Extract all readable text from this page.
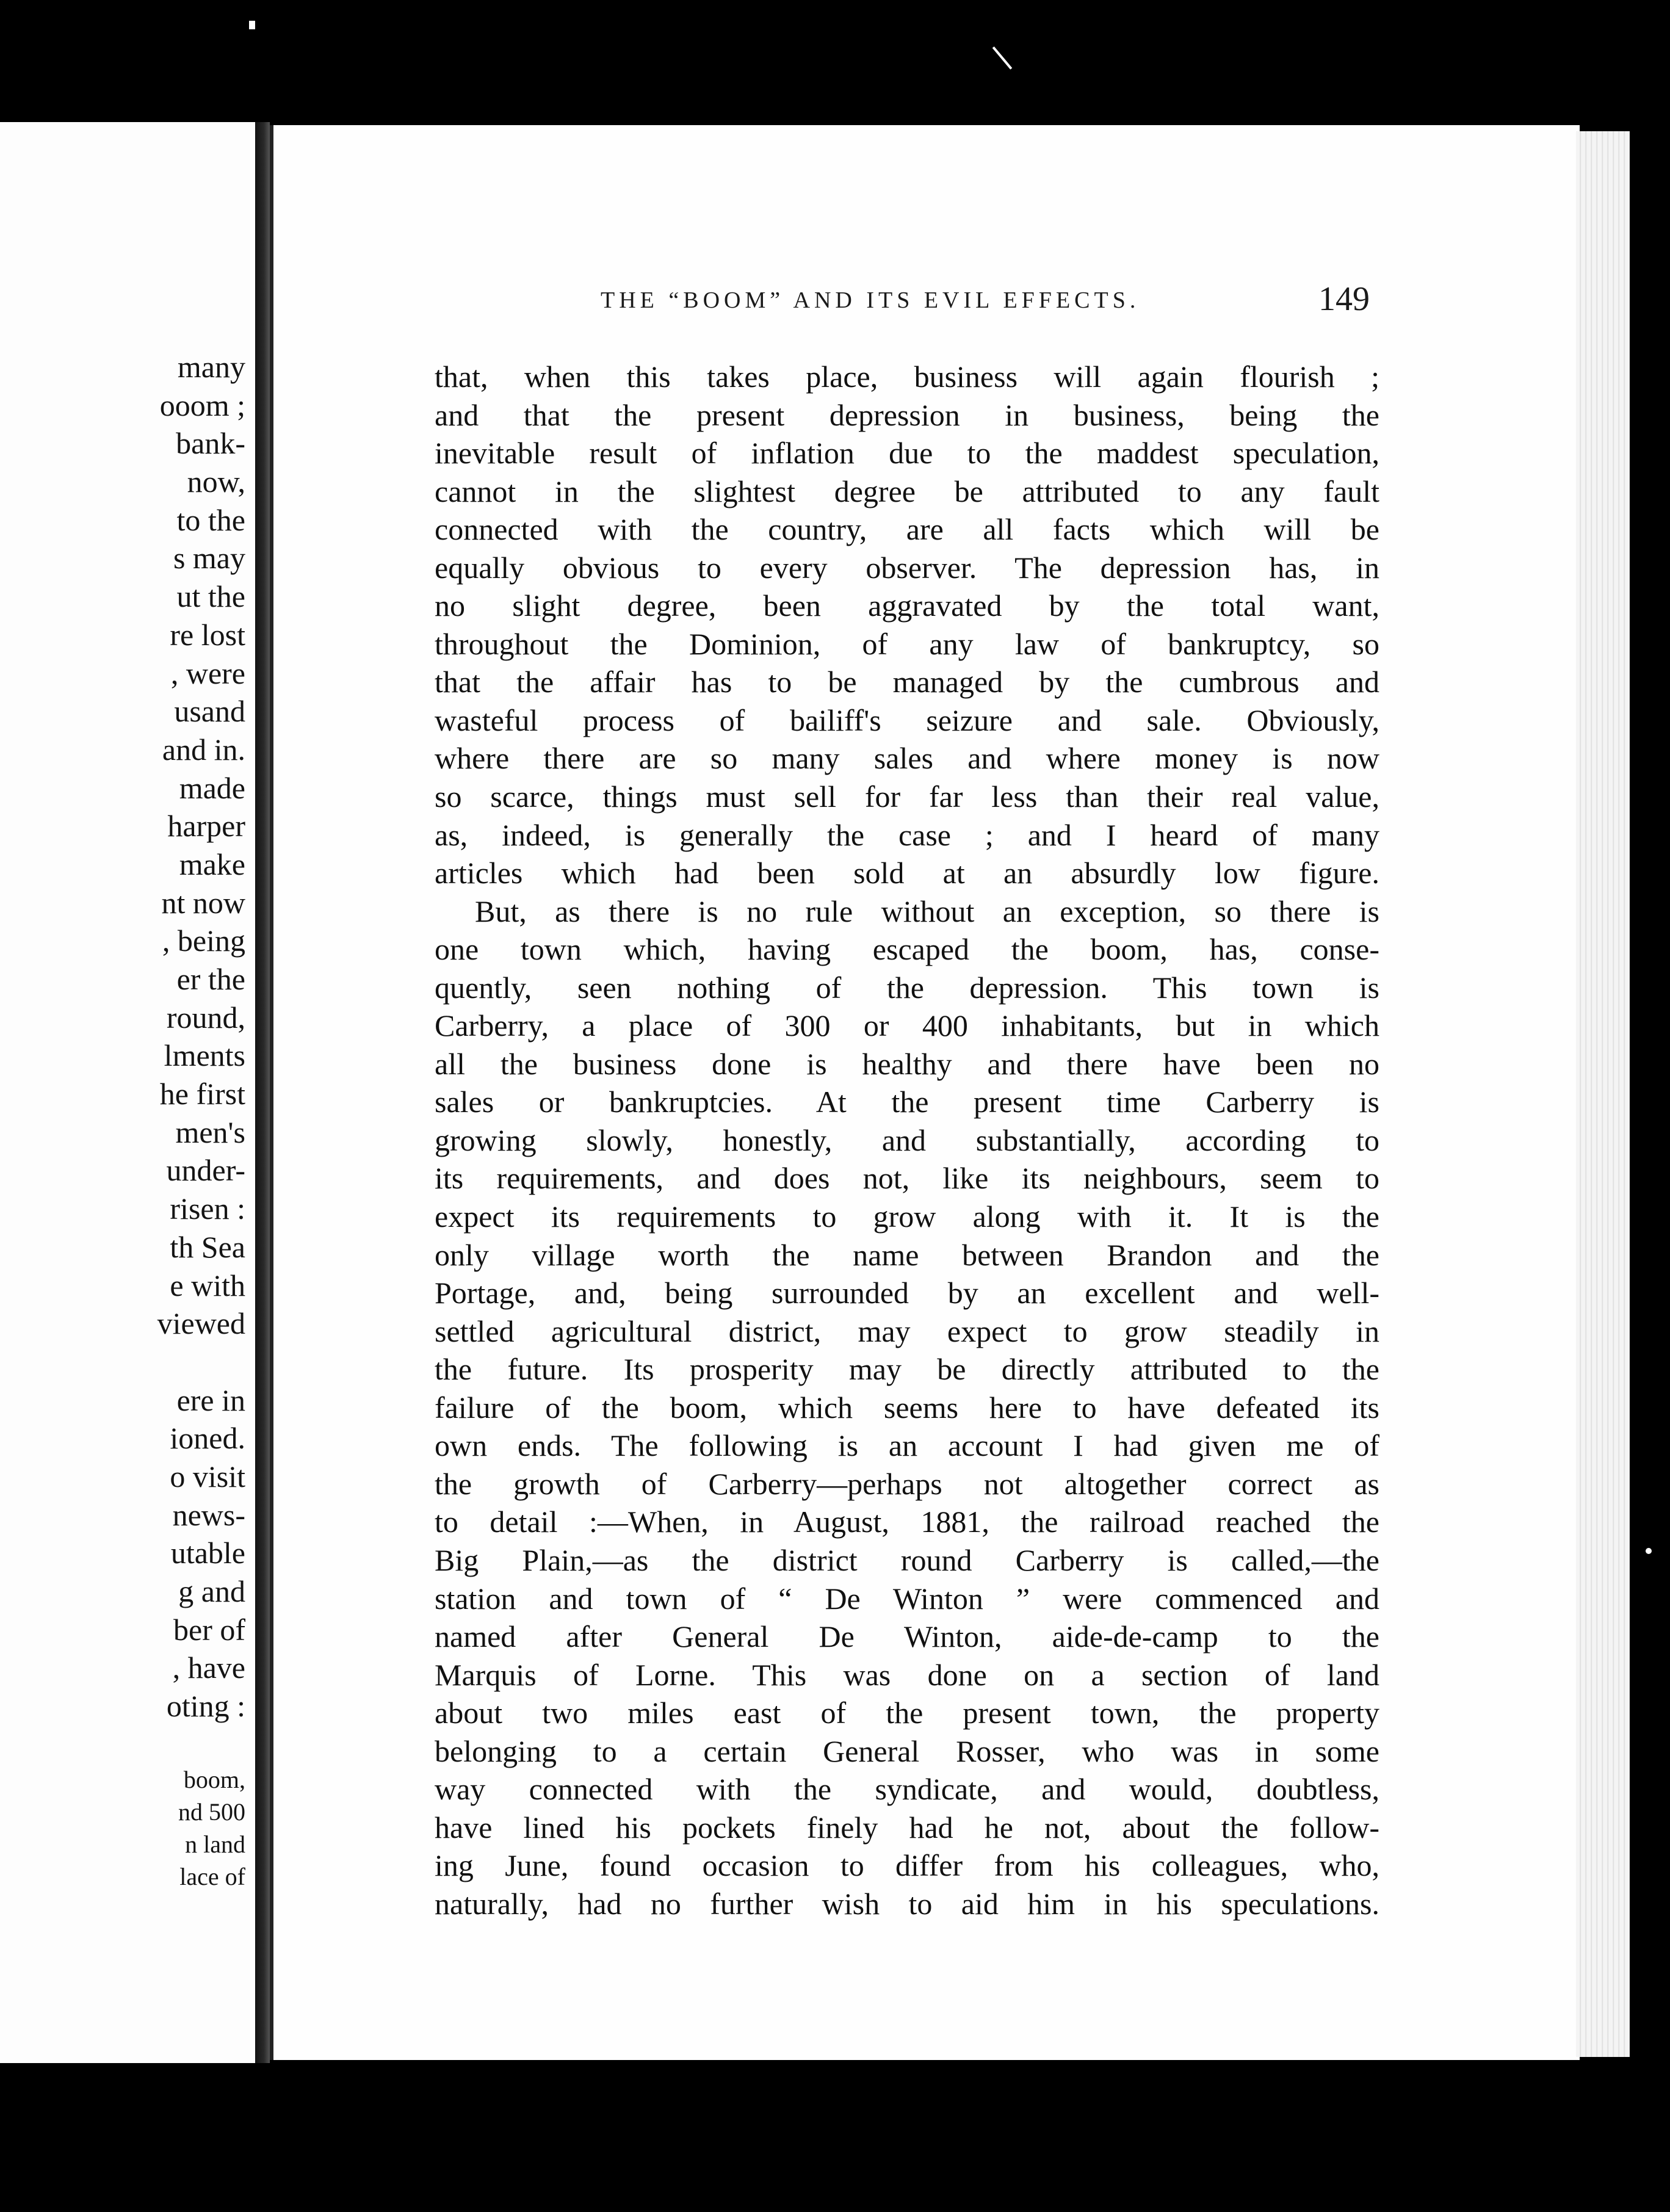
many
ooom ;
bank-
now,
to the
s may
ut the
re lost
, were
usand
and in.
made
harper
make
nt now
, being
er the
round,
lments
he first
men's
under-
risen :
th Sea
e with
viewed
ere in
ioned.
o visit
news-
utable
g and
ber of
, have
oting :
boom,
nd 500
n land
lace of
THE “BOOM” AND ITS EVIL EFFECTS.	149
that, when this takes place, business will again flourish ;
and that the present depression in business, being the
inevitable result of inflation due to the maddest speculation,
cannot in the slightest degree be attributed to any fault
connected with the country, are all facts which will be
equally obvious to every observer. The depression has, in
no slight degree, been aggravated by the total want,
throughout the Dominion, of any law of bankruptcy, so
that the affair has to be managed by the cumbrous and
wasteful process of bailiff's seizure and sale. Obviously,
where there are so many sales and where money is now
so scarce, things must sell for far less than their real value,
as, indeed, is generally the case ; and I heard of many
articles which had been sold at an absurdly low figure.
But, as there is no rule without an exception, so there is
one town which, having escaped the boom, has, conse-
quently, seen nothing of the depression. This town is
Carberry, a place of 300 or 400 inhabitants, but in which
all the business done is healthy and there have been no
sales or bankruptcies. At the present time Carberry is
growing slowly, honestly, and substantially, according to
its requirements, and does not, like its neighbours, seem to
expect its requirements to grow along with it. It is the
only village worth the name between Brandon and the
Portage, and, being surrounded by an excellent and well-
settled agricultural district, may expect to grow steadily in
the future. Its prosperity may be directly attributed to the
failure of the boom, which seems here to have defeated its
own ends. The following is an account I had given me of
the growth of Carberry—perhaps not altogether correct as
to detail :—When, in August, 1881, the railroad reached the
Big Plain,—as the district round Carberry is called,—the
station and town of “ De Winton ” were commenced and
named after General De Winton, aide-de-camp to the
Marquis of Lorne. This was done on a section of land
about two miles east of the present town, the property
belonging to a certain General Rosser, who was in some
way connected with the syndicate, and would, doubtless,
have lined his pockets finely had he not, about the follow-
ing June, found occasion to differ from his colleagues, who,
naturally, had no further wish to aid him in his speculations.
